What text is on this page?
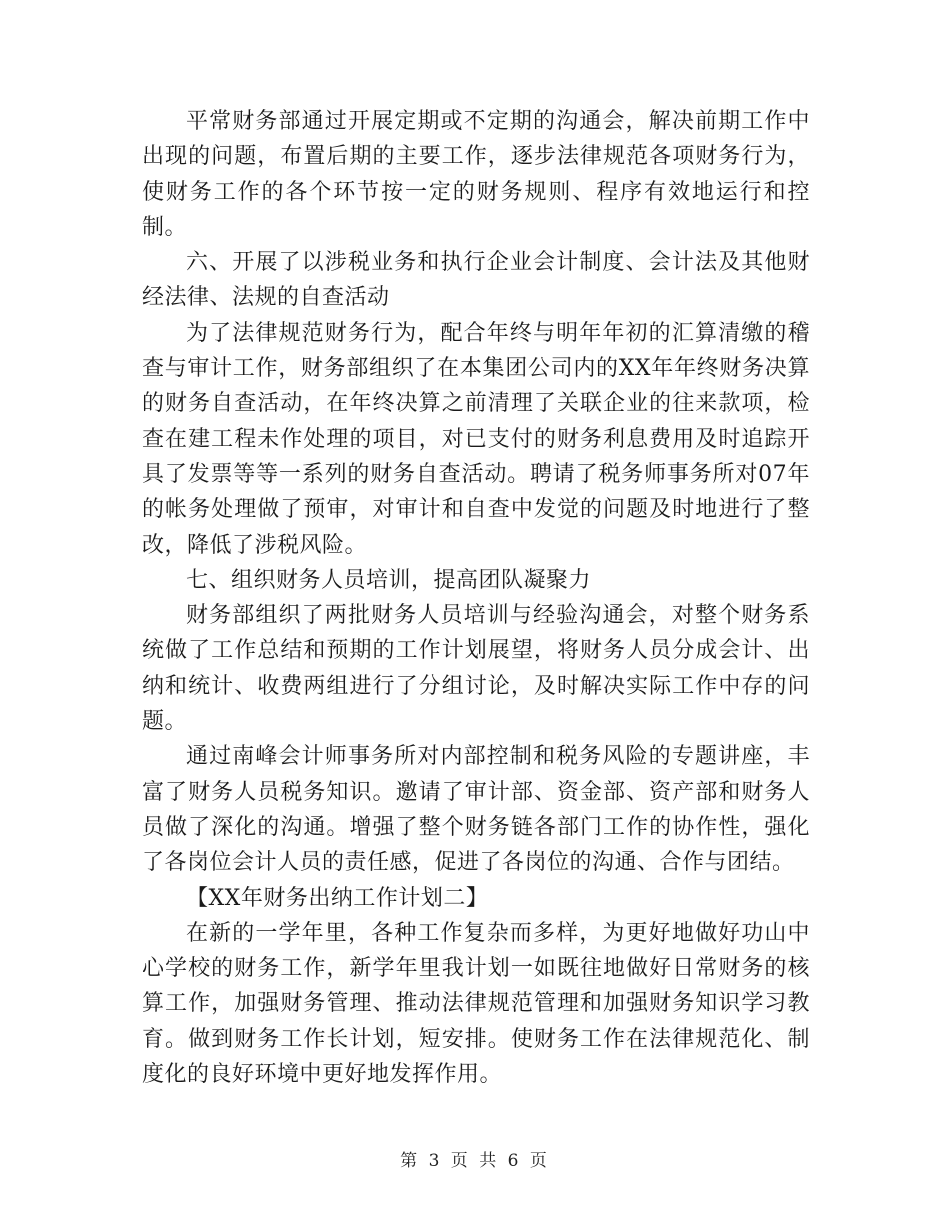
平常财务部通过开展定期或不定期的沟通会，解决前期工作中出现的问题，布置后期的主要工作，逐步法律规范各项财务行为，使财务工作的各个环节按一定的财务规则、程序有效地运行和控制。

六、开展了以涉税业务和执行企业会计制度、会计法及其他财经法律、法规的自查活动

为了法律规范财务行为，配合年终与明年年初的汇算清缴的稽查与审计工作，财务部组织了在本集团公司内的XX年年终财务决算的财务自查活动，在年终决算之前清理了关联企业的往来款项，检查在建工程未作处理的项目，对已支付的财务利息费用及时追踪开具了发票等等一系列的财务自查活动。聘请了税务师事务所对07年的帐务处理做了预审，对审计和自查中发觉的问题及时地进行了整改，降低了涉税风险。

七、组织财务人员培训，提高团队凝聚力

财务部组织了两批财务人员培训与经验沟通会，对整个财务系统做了工作总结和预期的工作计划展望，将财务人员分成会计、出纳和统计、收费两组进行了分组讨论，及时解决实际工作中存的问题。

通过南峰会计师事务所对内部控制和税务风险的专题讲座，丰富了财务人员税务知识。邀请了审计部、资金部、资产部和财务人员做了深化的沟通。增强了整个财务链各部门工作的协作性，强化了各岗位会计人员的责任感，促进了各岗位的沟通、合作与团结。

【XX年财务出纳工作计划二】

在新的一学年里，各种工作复杂而多样，为更好地做好功山中心学校的财务工作，新学年里我计划一如既往地做好日常财务的核算工作，加强财务管理、推动法律规范管理和加强财务知识学习教育。做到财务工作长计划，短安排。使财务工作在法律规范化、制度化的良好环境中更好地发挥作用。

第 3 页 共 6 页
